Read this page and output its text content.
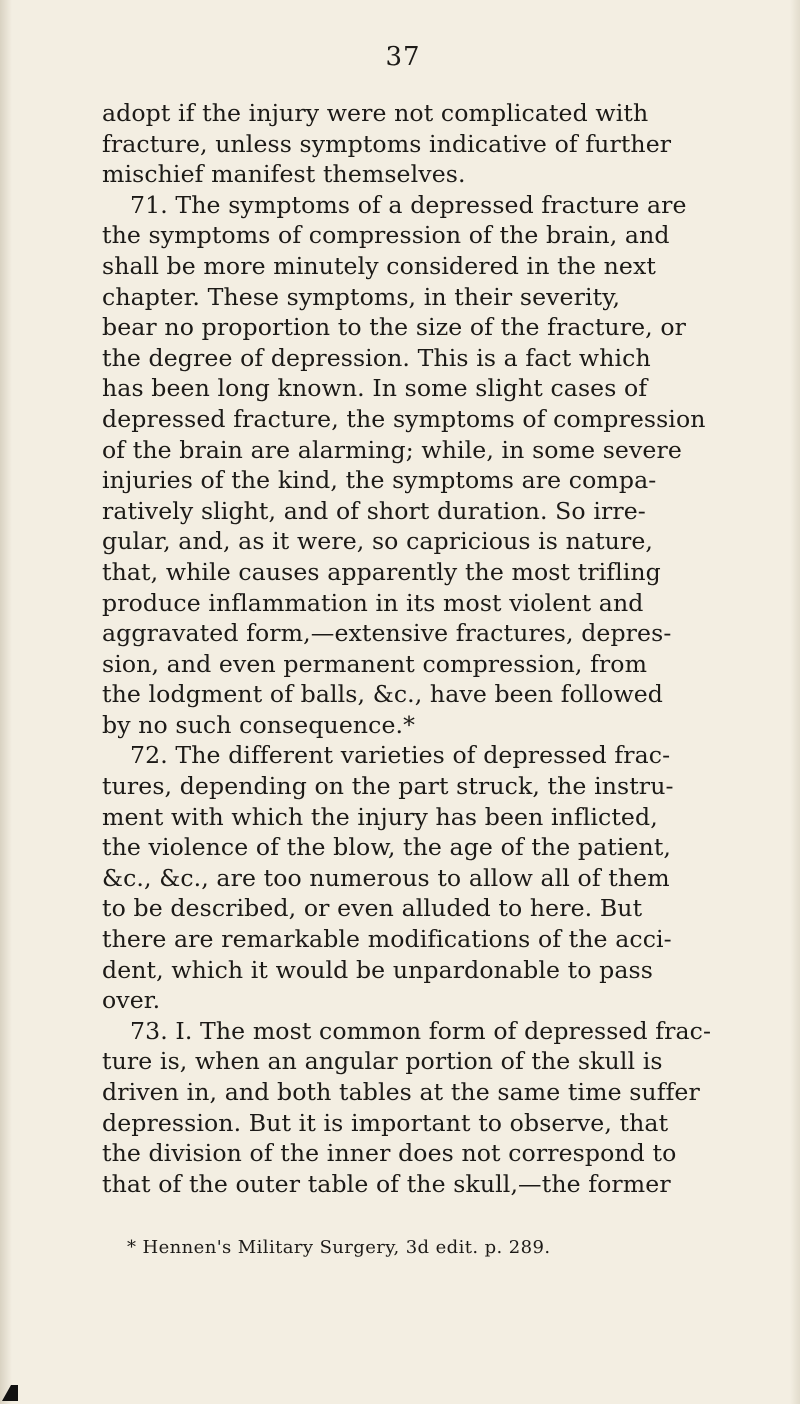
37
adopt if the injury were not complicated with
fracture, unless symptoms indicative of further
mischief manifest themselves.
71. The symptoms of a depressed fracture are
the symptoms of compression of the brain, and
shall be more minutely considered in the next
chapter. These symptoms, in their severity,
bear no proportion to the size of the fracture, or
the degree of depression. This is a fact which
has been long known. In some slight cases of
depressed fracture, the symptoms of compression
of the brain are alarming; while, in some severe
injuries of the kind, the symptoms are compa-
ratively slight, and of short duration. So irre-
gular, and, as it were, so capricious is nature,
that, while causes apparently the most trifling
produce inflammation in its most violent and
aggravated form,—extensive fractures, depres-
sion, and even permanent compression, from
the lodgment of balls, &c., have been followed
by no such consequence.*
72. The different varieties of depressed frac-
tures, depending on the part struck, the instru-
ment with which the injury has been inflicted,
the violence of the blow, the age of the patient,
&c., &c., are too numerous to allow all of them
to be described, or even alluded to here. But
there are remarkable modifications of the acci-
dent, which it would be unpardonable to pass
over.
73. I. The most common form of depressed frac-
ture is, when an angular portion of the skull is
driven in, and both tables at the same time suffer
depression. But it is important to observe, that
the division of the inner does not correspond to
that of the outer table of the skull,—the former
* Hennen's Military Surgery, 3d edit. p. 289.
